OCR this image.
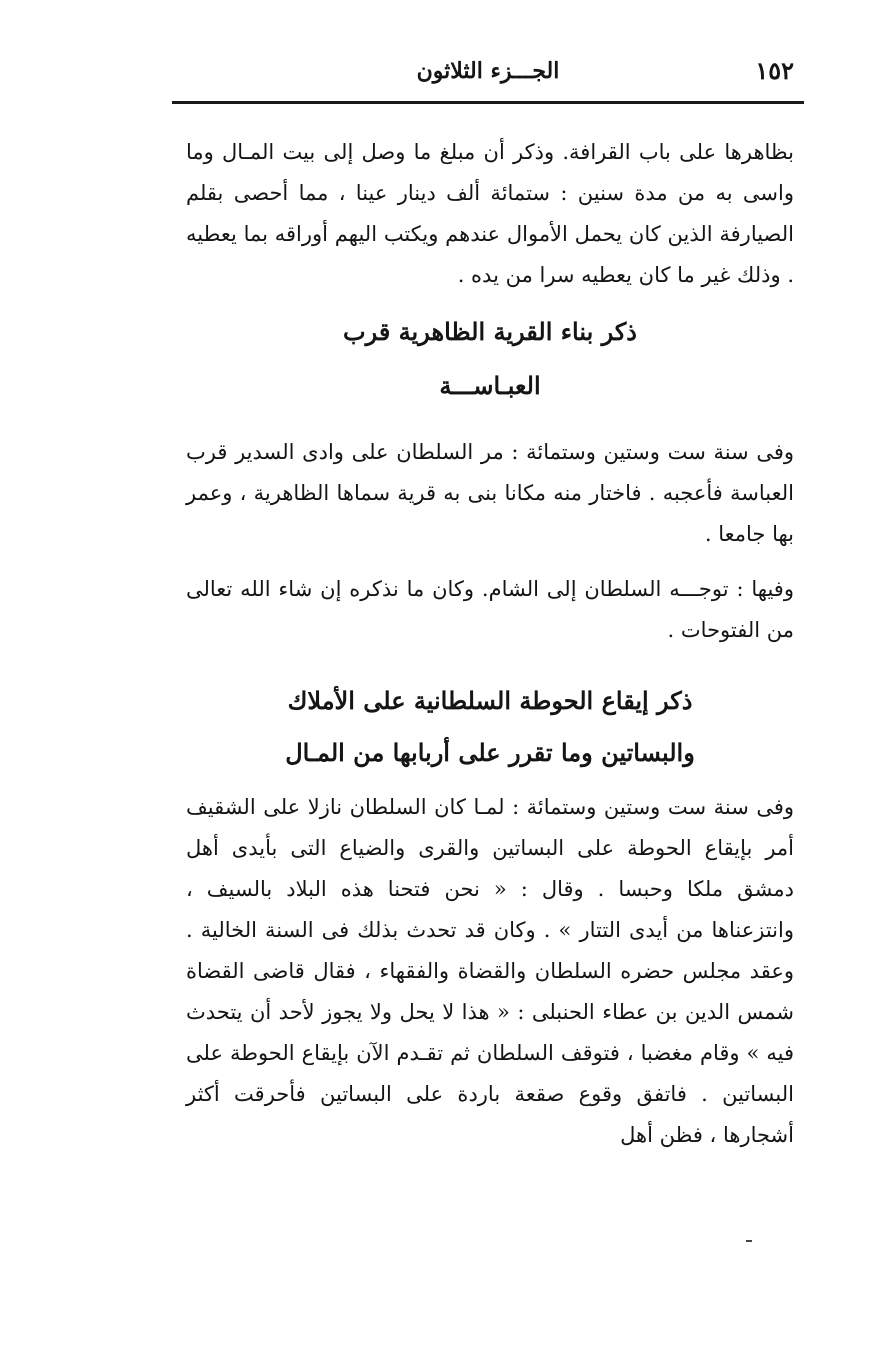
١٥٢
الجـــزء الثلاثون

بظاهرها على باب القرافة. وذكر أن مبلغ ما وصل إلى بيت المـال وما واسى به من مدة سنين : ستمائة ألف دينار عينا ، مما أحصى بقلم الصيارفة الذين كان يحمل الأموال عندهم ويكتب اليهم أوراقه بما يعطيه . وذلك غير ما كان يعطيه سرا من يده .

ذكر بناء القرية الظاهرية قرب
العبـاســـة

وفى سنة ست وستين وستمائة : مر السلطان على وادى السدير قرب العباسة فأعجبه . فاختار منه مكانا بنى به قرية سماها الظاهرية ، وعمر بها جامعا .

وفيها : توجـــه السلطان إلى الشام. وكان ما نذكره إن شاء الله تعالى من الفتوحات .

ذكر إيقاع الحوطة السلطانية على الأملاك
والبساتين وما تقرر على أربابها من المـال

وفى سنة ست وستين وستمائة : لمـا كان السلطان نازلا على الشقيف أمر بإيقاع الحوطة على البساتين والقرى والضياع التى بأيدى أهل دمشق ملكا وحبسا . وقال : « نحن فتحنا هذه البلاد بالسيف ، وانتزعناها من أيدى التتار » . وكان قد تحدث بذلك فى السنة الخالية . وعقد مجلس حضره السلطان والقضاة والفقهاء ، فقال قاضى القضاة شمس الدين بن عطاء الحنبلى : « هذا لا يحل ولا يجوز لأحد أن يتحدث فيه » وقام مغضبا ، فتوقف السلطان ثم تقـدم الآن بإيقاع الحوطة على البساتين . فاتفق وقوع صقعة باردة على البساتين فأحرقت أكثر أشجارها ، فظن أهل
